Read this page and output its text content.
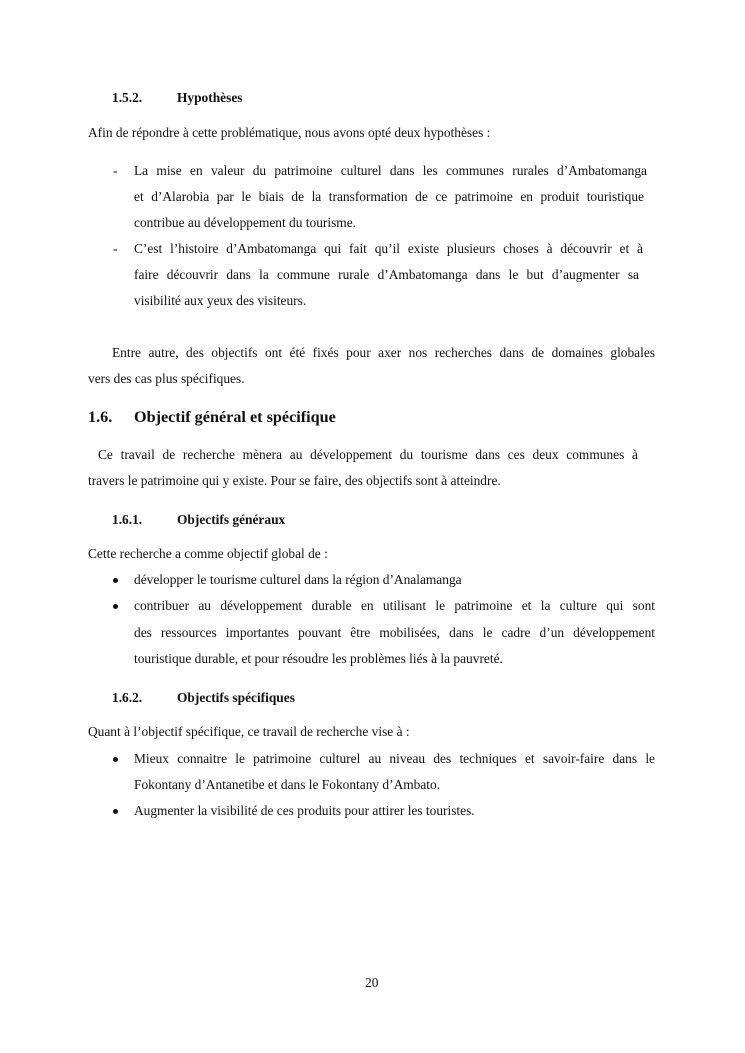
1.5.2.	Hypothèses
Afin de répondre à cette problématique, nous avons opté deux hypothèses :
- La mise en valeur du patrimoine culturel dans les communes rurales d’Ambatomanga
et d’Alarobia par le biais de la transformation de ce patrimoine en produit touristique
contribue au développement du tourisme.
- C’est l’histoire d’Ambatomanga qui fait qu’il existe plusieurs choses à découvrir et à
faire découvrir dans la commune rurale d’Ambatomanga dans le but d’augmenter sa
visibilité aux yeux des visiteurs.
Entre autre, des objectifs ont été fixés pour axer nos recherches dans de domaines globales
vers des cas plus spécifiques.
1.6. Objectif général et spécifique
Ce travail de recherche mènera au développement du tourisme dans ces deux communes à
travers le patrimoine qui y existe. Pour se faire, des objectifs sont à atteindre.
1.6.1.	Objectifs généraux
Cette recherche a comme objectif global de :
développer le tourisme culturel dans la région d’Analamanga
contribuer au développement durable en utilisant le patrimoine et la culture qui sont
des ressources importantes pouvant être mobilisées, dans le cadre d’un développement
touristique durable, et pour résoudre les problèmes liés à la pauvreté.
1.6.2.	Objectifs spécifiques
Quant à l’objectif spécifique, ce travail de recherche vise à :
Mieux connaitre le patrimoine culturel au niveau des techniques et savoir-faire dans le
Fokontany d’Antanetibe et dans le Fokontany d’Ambato.
Augmenter la visibilité de ces produits pour attirer les touristes.
20
